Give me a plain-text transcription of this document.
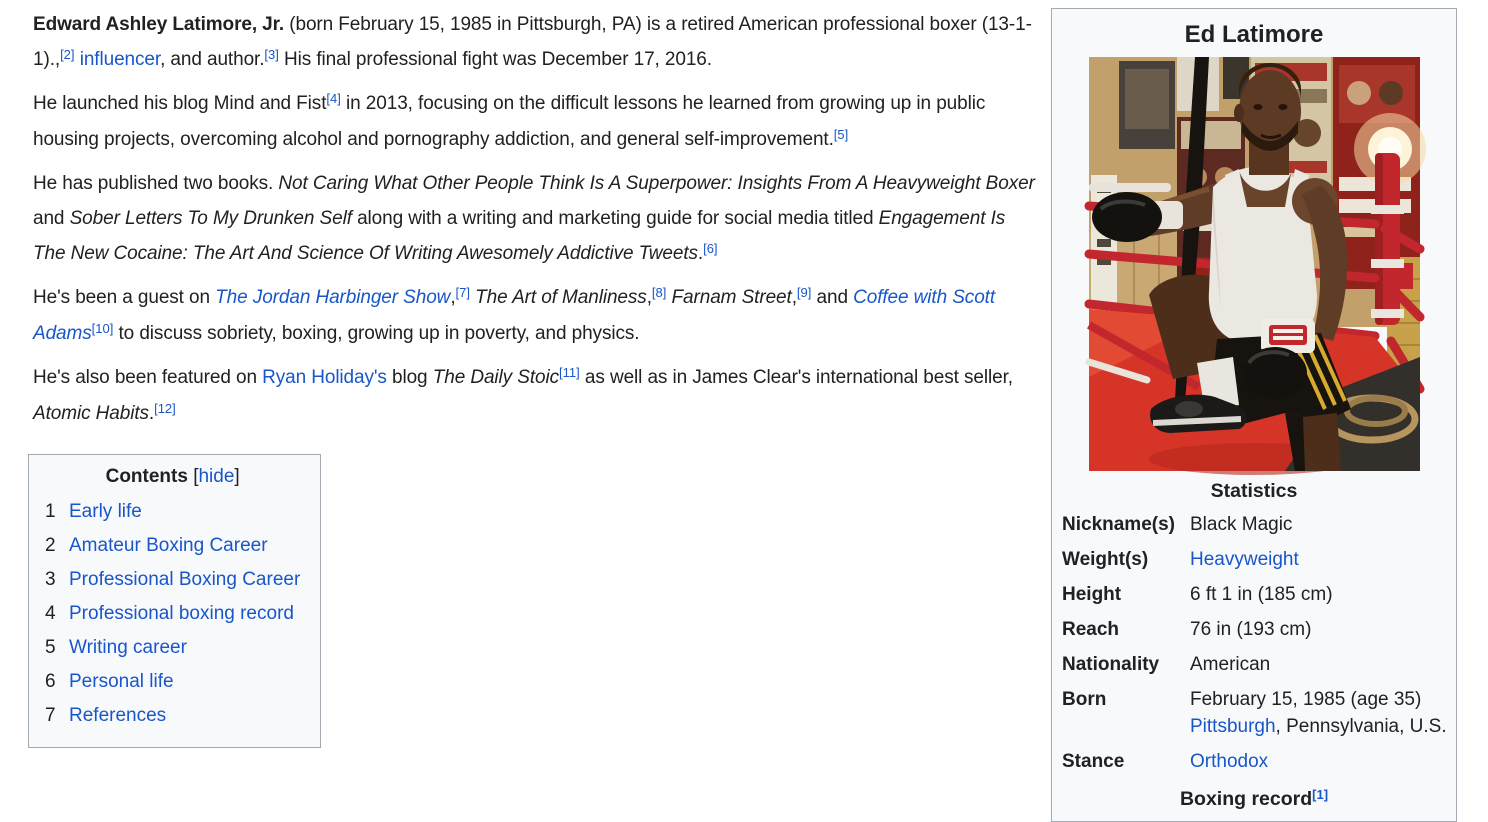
Edward Ashley Latimore, Jr. (born February 15, 1985 in Pittsburgh, PA) is a retired American professional boxer (13-1-1).,[2] influencer, and author.[3] His final professional fight was December 17, 2016.

He launched his blog Mind and Fist[4] in 2013, focusing on the difficult lessons he learned from growing up in public housing projects, overcoming alcohol and pornography addiction, and general self-improvement.[5]

He has published two books. Not Caring What Other People Think Is A Superpower: Insights From A Heavyweight Boxer and Sober Letters To My Drunken Self along with a writing and marketing guide for social media titled Engagement Is The New Cocaine: The Art And Science Of Writing Awesomely Addictive Tweets.[6]

He's been a guest on The Jordan Harbinger Show,[7] The Art of Manliness,[8] Farnam Street,[9] and Coffee with Scott Adams[10] to discuss sobriety, boxing, growing up in poverty, and physics.

He's also been featured on Ryan Holiday's blog The Daily Stoic[11] as well as in James Clear's international best seller, Atomic Habits.[12]

Contents [hide]
1 Early life
2 Amateur Boxing Career
3 Professional Boxing Career
4 Professional boxing record
5 Writing career
6 Personal life
7 References
Ed Latimore
Statistics
Nickname(s)	Black Magic
Weight(s)	Heavyweight
Height	6 ft 1 in (185 cm)
Reach	76 in (193 cm)
Nationality	American
Born	February 15, 1985 (age 35)
Pittsburgh, Pennsylvania, U.S.
Stance	Orthodox
Boxing record[1]
